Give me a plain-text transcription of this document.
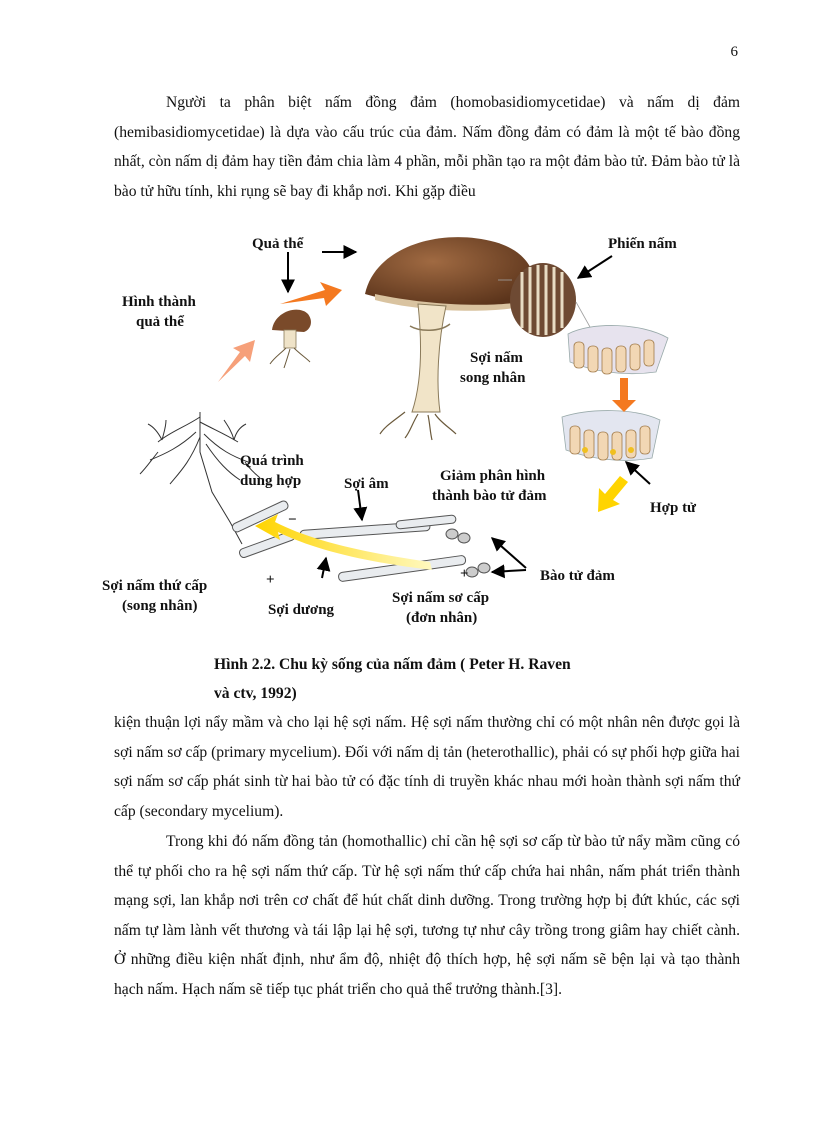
6

Người ta phân biệt nấm đồng đảm (homobasidiomycetidae) và nấm dị đảm (hemibasidiomycetidae) là dựa vào cấu trúc của đảm. Nấm đồng đảm có đảm là một tế bào đồng nhất, còn nấm dị đảm hay tiền đảm chia làm 4 phần, mỗi phần tạo ra một đảm bào tử. Đảm bào tử là bào tử hữu tính, khi rụng sẽ bay đi khắp nơi. Khi gặp điều

Quả thể	Phiến nấm
Hình thành
quả thể
Sợi nấm
song nhân
Quá trình
dung hợp	Sợi âm	Giảm phân hình
thành bào tử đảm
Hợp tử
Bào tử đảm
Sợi nấm thứ cấp
(song nhân)	Sợi dương
Sợi nấm sơ cấp
(đơn nhân)
−
+	+

Hình 2.2. Chu kỳ sống của nấm đảm ( Peter H. Raven
và ctv, 1992)

kiện thuận lợi nẩy mầm và cho lại hệ sợi nấm. Hệ sợi nấm thường chỉ có một nhân nên được gọi là sợi nấm sơ cấp (primary mycelium). Đối với nấm dị tản (heterothallic), phải có sự phối hợp giữa hai sợi nấm sơ cấp phát sinh từ hai bào tử có đặc tính di truyền khác nhau mới hoàn thành sợi nấm thứ cấp (secondary mycelium).

Trong khi đó nấm đồng tản (homothallic) chỉ cần hệ sợi sơ cấp từ bào tử nẩy mầm cũng có thể tự phối cho ra hệ sợi nấm thứ cấp. Từ hệ sợi nấm thứ cấp chứa hai nhân, nấm phát triển thành mạng sợi, lan khắp nơi trên cơ chất để hút chất dinh dưỡng. Trong trường hợp bị đứt khúc, các sợi nấm tự làm lành vết thương và tái lập lại hệ sợi, tương tự như cây trồng trong giâm hay chiết cành. Ở những điều kiện nhất định, như ẩm độ, nhiệt độ thích hợp, hệ sợi nấm sẽ bện lại và tạo thành hạch nấm. Hạch nấm sẽ tiếp tục phát triển cho quả thể trưởng thành.[3].
